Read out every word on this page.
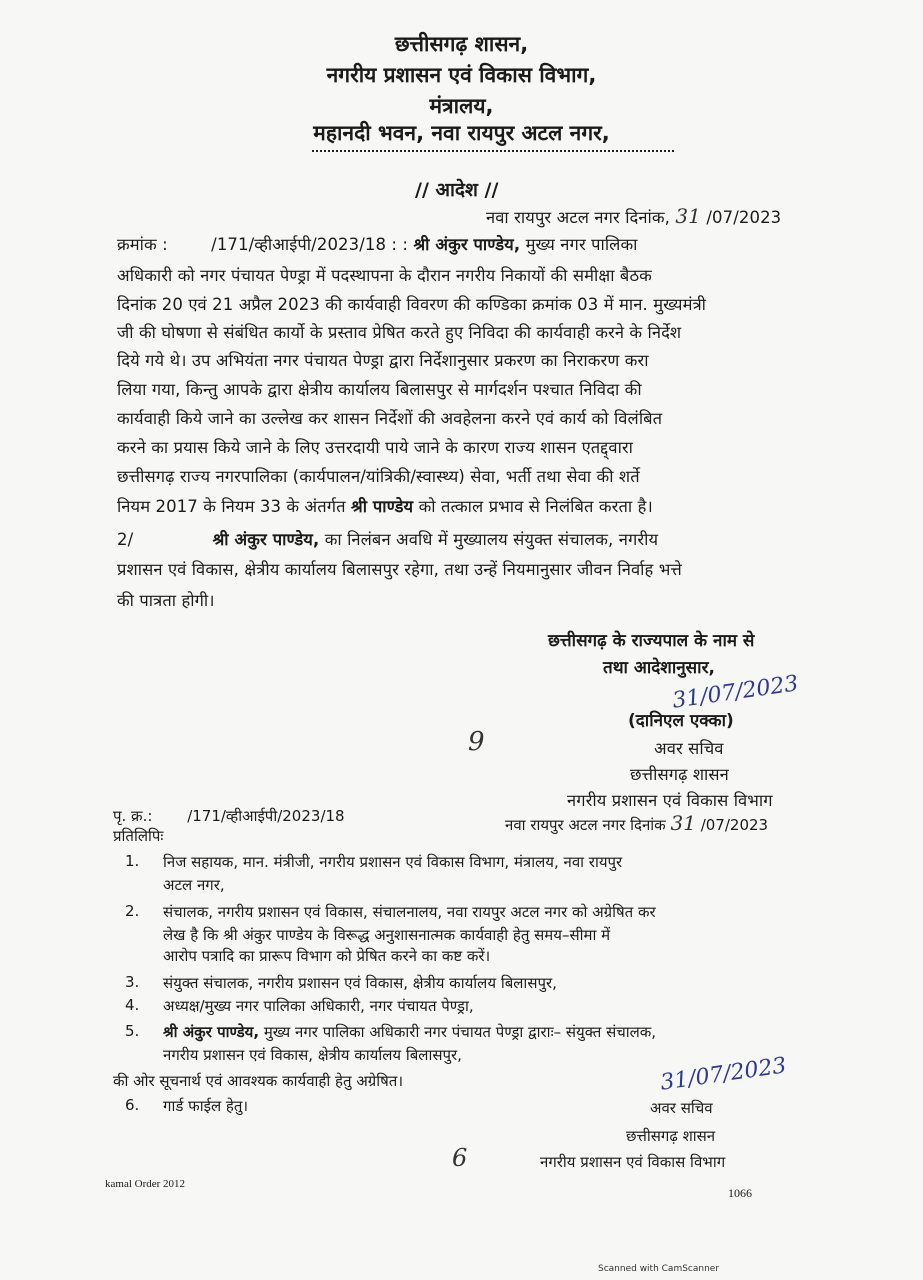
छत्तीसगढ़ शासन,
नगरीय प्रशासन एवं विकास विभाग,
मंत्रालय,
महानदी भवन, नवा रायपुर अटल नगर,
// आदेश //
नवा रायपुर अटल नगर दिनांक, 31 /07/2023
क्रमांक :	/171/व्हीआईपी/2023/18 : : श्री अंकुर पाण्डेय, मुख्य नगर पालिका
अधिकारी को नगर पंचायत पेण्ड्रा में पदस्थापना के दौरान नगरीय निकायों की समीक्षा बैठक
दिनांक 20 एवं 21 अप्रैल 2023 की कार्यवाही विवरण की कण्डिका क्रमांक 03 में मान. मुख्यमंत्री
जी की घोषणा से संबंधित कार्यो के प्रस्ताव प्रेषित करते हुए निविदा की कार्यवाही करने के निर्देश
दिये गये थे। उप अभियंता नगर पंचायत पेण्ड्रा द्वारा निर्देशानुसार प्रकरण का निराकरण करा
लिया गया, किन्तु आपके द्वारा क्षेत्रीय कार्यालय बिलासपुर से मार्गदर्शन पश्चात निविदा की
कार्यवाही किये जाने का उल्लेख कर शासन निर्देशों की अवहेलना करने एवं कार्य को विलंबित
करने का प्रयास किये जाने के लिए उत्तरदायी पाये जाने के कारण राज्य शासन एतद्द्वारा
छत्तीसगढ़ राज्य नगरपालिका (कार्यपालन/यांत्रिकी/स्वास्थ्य) सेवा, भर्ती तथा सेवा की शर्ते
नियम 2017 के नियम 33 के अंतर्गत श्री पाण्डेय को तत्काल प्रभाव से निलंबित करता है।
2/	श्री अंकुर पाण्डेय, का निलंबन अवधि में मुख्यालय संयुक्त संचालक, नगरीय
प्रशासन एवं विकास, क्षेत्रीय कार्यालय बिलासपुर रहेगा, तथा उन्हें नियमानुसार जीवन निर्वाह भत्ते
की पात्रता होगी।
छत्तीसगढ़ के राज्यपाल के नाम से
तथा आदेशानुसार,
31/07/2023
(दानिएल एक्का)
9	अवर सचिव
छत्तीसगढ़ शासन
नगरीय प्रशासन एवं विकास विभाग
पृ. क्र.: /171/व्हीआईपी/2023/18	नवा रायपुर अटल नगर दिनांक 31 /07/2023
प्रतिलिपिः
1. निज सहायक, मान. मंत्रीजी, नगरीय प्रशासन एवं विकास विभाग, मंत्रालय, नवा रायपुर
अटल नगर,
2. संचालक, नगरीय प्रशासन एवं विकास, संचालनालय, नवा रायपुर अटल नगर को अग्रेषित कर
लेख है कि श्री अंकुर पाण्डेय के विरूद्ध अनुशासनात्मक कार्यवाही हेतु समय–सीमा में
आरोप पत्रादि का प्रारूप विभाग को प्रेषित करने का कष्ट करें।
3. संयुक्त संचालक, नगरीय प्रशासन एवं विकास, क्षेत्रीय कार्यालय बिलासपुर,
4. अध्यक्ष/मुख्य नगर पालिका अधिकारी, नगर पंचायत पेण्ड्रा,
5. श्री अंकुर पाण्डेय, मुख्य नगर पालिका अधिकारी नगर पंचायत पेण्ड्रा द्वाराः– संयुक्त संचालक,
नगरीय प्रशासन एवं विकास, क्षेत्रीय कार्यालय बिलासपुर,
की ओर सूचनार्थ एवं आवश्यक कार्यवाही हेतु अग्रेषित।
6. गार्ड फाईल हेतु।
31/07/2023
अवर सचिव
छत्तीसगढ़ शासन
6	नगरीय प्रशासन एवं विकास विभाग
kamal Order 2012
1066
Scanned with CamScanner
